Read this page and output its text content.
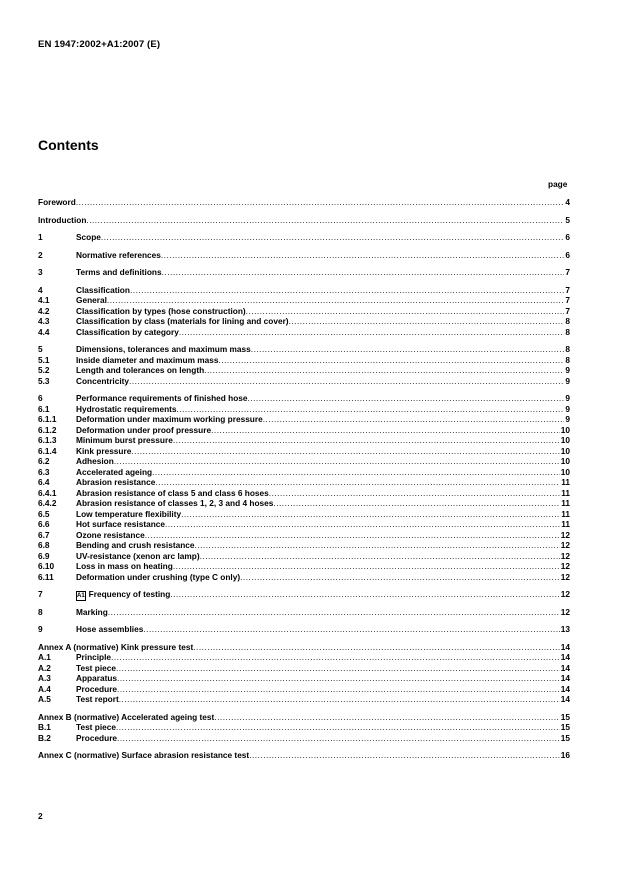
EN 1947:2002+A1:2007 (E)
Contents
page
Foreword .....	4
Introduction .....	5
1	Scope .....	6
2	Normative references .....	6
3	Terms and definitions .....	7
4	Classification .....	7
4.1	General .....	7
4.2	Classification by types (hose construction) .....	7
4.3	Classification by class (materials for lining and cover) .....	8
4.4	Classification by category .....	8
5	Dimensions, tolerances and maximum mass .....	8
5.1	Inside diameter and maximum mass .....	8
5.2	Length and tolerances on length .....	9
5.3	Concentricity .....	9
6	Performance requirements of finished hose .....	9
6.1	Hydrostatic requirements .....	9
6.1.1	Deformation under maximum working pressure .....	9
6.1.2	Deformation under proof pressure .....	10
6.1.3	Minimum burst pressure .....	10
6.1.4	Kink pressure .....	10
6.2	Adhesion .....	10
6.3	Accelerated ageing .....	10
6.4	Abrasion resistance .....	11
6.4.1	Abrasion resistance of class 5 and class 6 hoses .....	11
6.4.2	Abrasion resistance of classes 1, 2, 3 and 4 hoses .....	11
6.5	Low temperature flexibility .....	11
6.6	Hot surface resistance .....	11
6.7	Ozone resistance .....	12
6.8	Bending and crush resistance .....	12
6.9	UV-resistance (xenon arc lamp) .....	12
6.10	Loss in mass on heating .....	12
6.11	Deformation under crushing (type C only) .....	12
7	A1 Frequency of testing .....	12
8	Marking .....	12
9	Hose assemblies .....	13
Annex A (normative) Kink pressure test .....	14
A.1	Principle .....	14
A.2	Test piece .....	14
A.3	Apparatus .....	14
A.4	Procedure .....	14
A.5	Test report .....	14
Annex B (normative) Accelerated ageing test .....	15
B.1	Test piece .....	15
B.2	Procedure .....	15
Annex C (normative) Surface abrasion resistance test .....	16
2
